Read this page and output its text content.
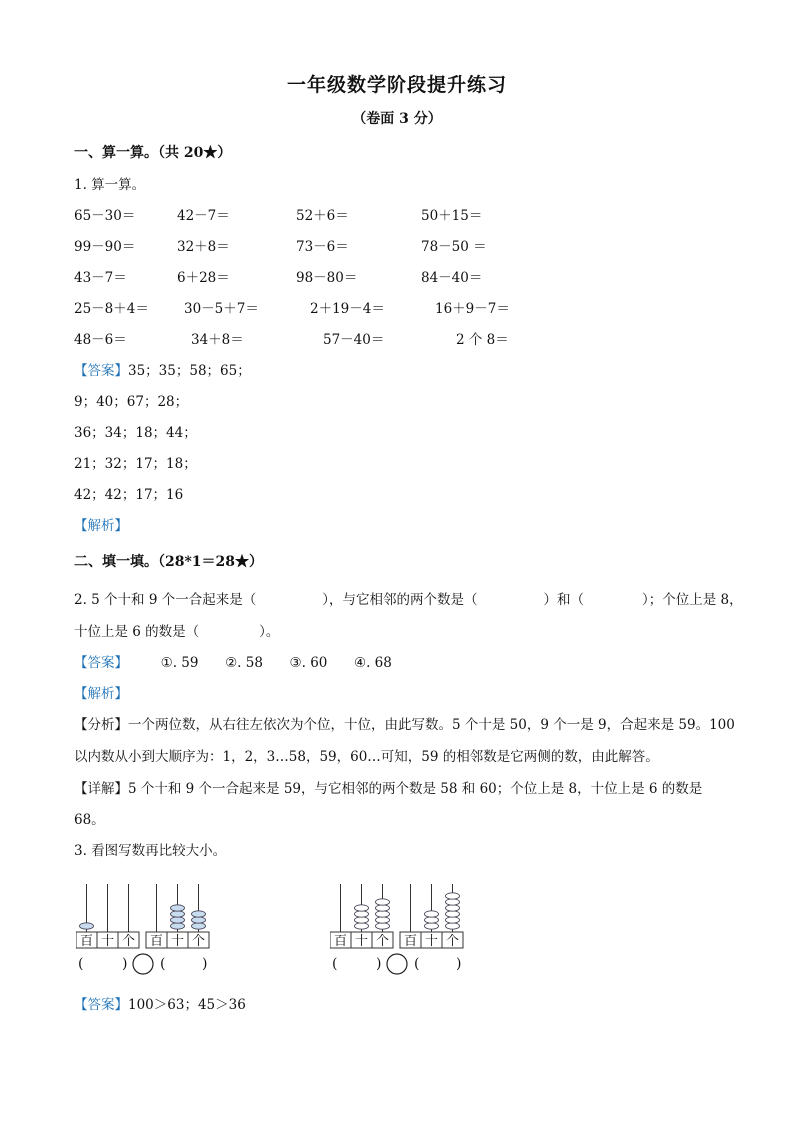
一年级数学阶段提升练习
（卷面 3 分）
一、算一算。（共 20★）
1. 算一算。
65－30＝	42－7＝	52＋6＝	50＋15＝
99－90＝	32＋8＝	73－6＝	78－50 ＝
43－7＝	6＋28＝	98－80＝	84－40＝
25－8＋4＝	30－5＋7＝	2＋19－4＝	16＋9－7＝
48－6＝	34＋8＝	57－40＝	2 个 8＝
【答案】35；35；58；65；
9；40；67；28；
36；34；18；44；
21；32；17；18；
42；42；17；16
【解析】
二、填一填。（28*1＝28★）
2. 5 个十和 9 个一合起来是（	），与它相邻的两个数是（	）和（	）；个位上是 8，
十位上是 6 的数是（	）。
【答案】 ①. 59 ②. 58 ③. 60 ④. 68
【解析】
【分析】一个两位数，从右往左依次为个位，十位，由此写数。5 个十是 50，9 个一是 9，合起来是 59。100
以内数从小到大顺序为：1，2，3…58，59，60…可知，59 的相邻数是它两侧的数，由此解答。
【详解】5 个十和 9 个一合起来是 59，与它相邻的两个数是 58 和 60；个位上是 8，十位上是 6 的数是
68。
3. 看图写数再比较大小。
百 十 个 百 十 个
(	) (	)
百 十 个 百 十 个
(	) (	)
【答案】100＞63；45＞36
